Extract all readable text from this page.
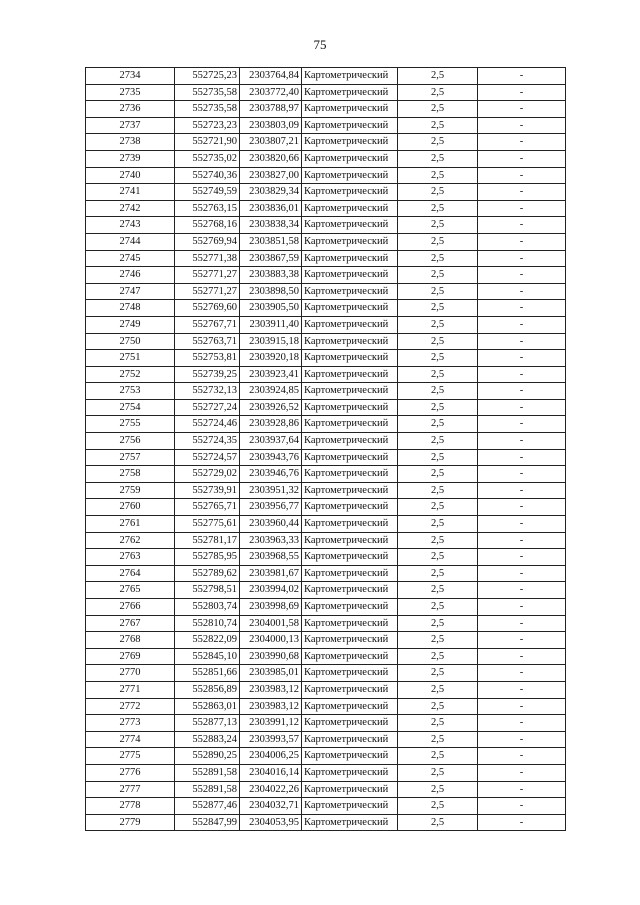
75
2734	552725,23	2303764,84	Картометрический	2,5	-
2735	552735,58	2303772,40	Картометрический	2,5	-
2736	552735,58	2303788,97	Картометрический	2,5	-
2737	552723,23	2303803,09	Картометрический	2,5	-
2738	552721,90	2303807,21	Картометрический	2,5	-
2739	552735,02	2303820,66	Картометрический	2,5	-
2740	552740,36	2303827,00	Картометрический	2,5	-
2741	552749,59	2303829,34	Картометрический	2,5	-
2742	552763,15	2303836,01	Картометрический	2,5	-
2743	552768,16	2303838,34	Картометрический	2,5	-
2744	552769,94	2303851,58	Картометрический	2,5	-
2745	552771,38	2303867,59	Картометрический	2,5	-
2746	552771,27	2303883,38	Картометрический	2,5	-
2747	552771,27	2303898,50	Картометрический	2,5	-
2748	552769,60	2303905,50	Картометрический	2,5	-
2749	552767,71	2303911,40	Картометрический	2,5	-
2750	552763,71	2303915,18	Картометрический	2,5	-
2751	552753,81	2303920,18	Картометрический	2,5	-
2752	552739,25	2303923,41	Картометрический	2,5	-
2753	552732,13	2303924,85	Картометрический	2,5	-
2754	552727,24	2303926,52	Картометрический	2,5	-
2755	552724,46	2303928,86	Картометрический	2,5	-
2756	552724,35	2303937,64	Картометрический	2,5	-
2757	552724,57	2303943,76	Картометрический	2,5	-
2758	552729,02	2303946,76	Картометрический	2,5	-
2759	552739,91	2303951,32	Картометрический	2,5	-
2760	552765,71	2303956,77	Картометрический	2,5	-
2761	552775,61	2303960,44	Картометрический	2,5	-
2762	552781,17	2303963,33	Картометрический	2,5	-
2763	552785,95	2303968,55	Картометрический	2,5	-
2764	552789,62	2303981,67	Картометрический	2,5	-
2765	552798,51	2303994,02	Картометрический	2,5	-
2766	552803,74	2303998,69	Картометрический	2,5	-
2767	552810,74	2304001,58	Картометрический	2,5	-
2768	552822,09	2304000,13	Картометрический	2,5	-
2769	552845,10	2303990,68	Картометрический	2,5	-
2770	552851,66	2303985,01	Картометрический	2,5	-
2771	552856,89	2303983,12	Картометрический	2,5	-
2772	552863,01	2303983,12	Картометрический	2,5	-
2773	552877,13	2303991,12	Картометрический	2,5	-
2774	552883,24	2303993,57	Картометрический	2,5	-
2775	552890,25	2304006,25	Картометрический	2,5	-
2776	552891,58	2304016,14	Картометрический	2,5	-
2777	552891,58	2304022,26	Картометрический	2,5	-
2778	552877,46	2304032,71	Картометрический	2,5	-
2779	552847,99	2304053,95	Картометрический	2,5	-
